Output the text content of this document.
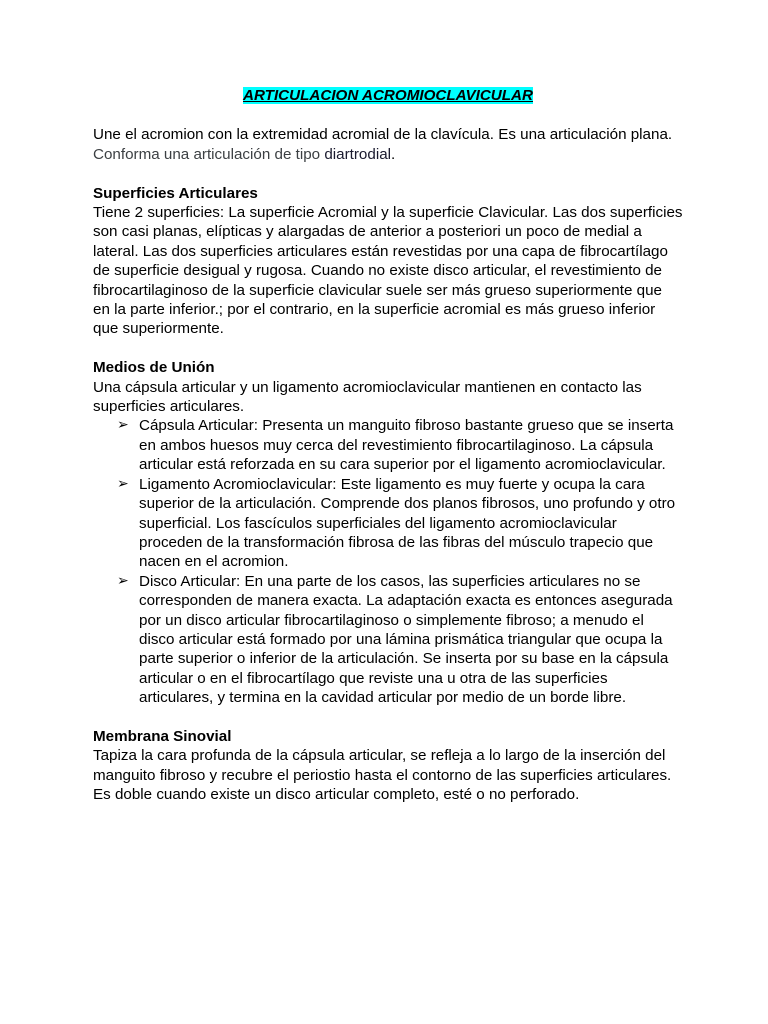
ARTICULACION ACROMIOCLAVICULAR

Une el acromion con la extremidad acromial de la clavícula. Es una articulación plana. Conforma una articulación de tipo diartrodial.

Superficies Articulares

Tiene 2 superficies: La superficie Acromial y la superficie Clavicular. Las dos superficies son casi planas, elípticas y alargadas de anterior a posteriori un poco de medial a lateral. Las dos superficies articulares están revestidas por una capa de fibrocartílago de superficie desigual y rugosa. Cuando no existe disco articular, el revestimiento de fibrocartilaginoso de la superficie clavicular suele ser más grueso superiormente que en la parte inferior.; por el contrario, en la superficie acromial es más grueso inferior que superiormente.

Medios de Unión

Una cápsula articular y un ligamento acromioclavicular mantienen en contacto las superficies articulares.

➢ Cápsula Articular: Presenta un manguito fibroso bastante grueso que se inserta en ambos huesos muy cerca del revestimiento fibrocartilaginoso. La cápsula articular está reforzada en su cara superior por el ligamento acromioclavicular.
➢ Ligamento Acromioclavicular: Este ligamento es muy fuerte y ocupa la cara superior de la articulación. Comprende dos planos fibrosos, uno profundo y otro superficial. Los fascículos superficiales del ligamento acromioclavicular proceden de la transformación fibrosa de las fibras del músculo trapecio que nacen en el acromion.
➢ Disco Articular: En una parte de los casos, las superficies articulares no se corresponden de manera exacta. La adaptación exacta es entonces asegurada por un disco articular fibrocartilaginoso o simplemente fibroso; a menudo el disco articular está formado por una lámina prismática triangular que ocupa la parte superior o inferior de la articulación. Se inserta por su base en la cápsula articular o en el fibrocartílago que reviste una u otra de las superficies articulares, y termina en la cavidad articular por medio de un borde libre.

Membrana Sinovial

Tapiza la cara profunda de la cápsula articular, se refleja a lo largo de la inserción del manguito fibroso y recubre el periostio hasta el contorno de las superficies articulares. Es doble cuando existe un disco articular completo, esté o no perforado.
